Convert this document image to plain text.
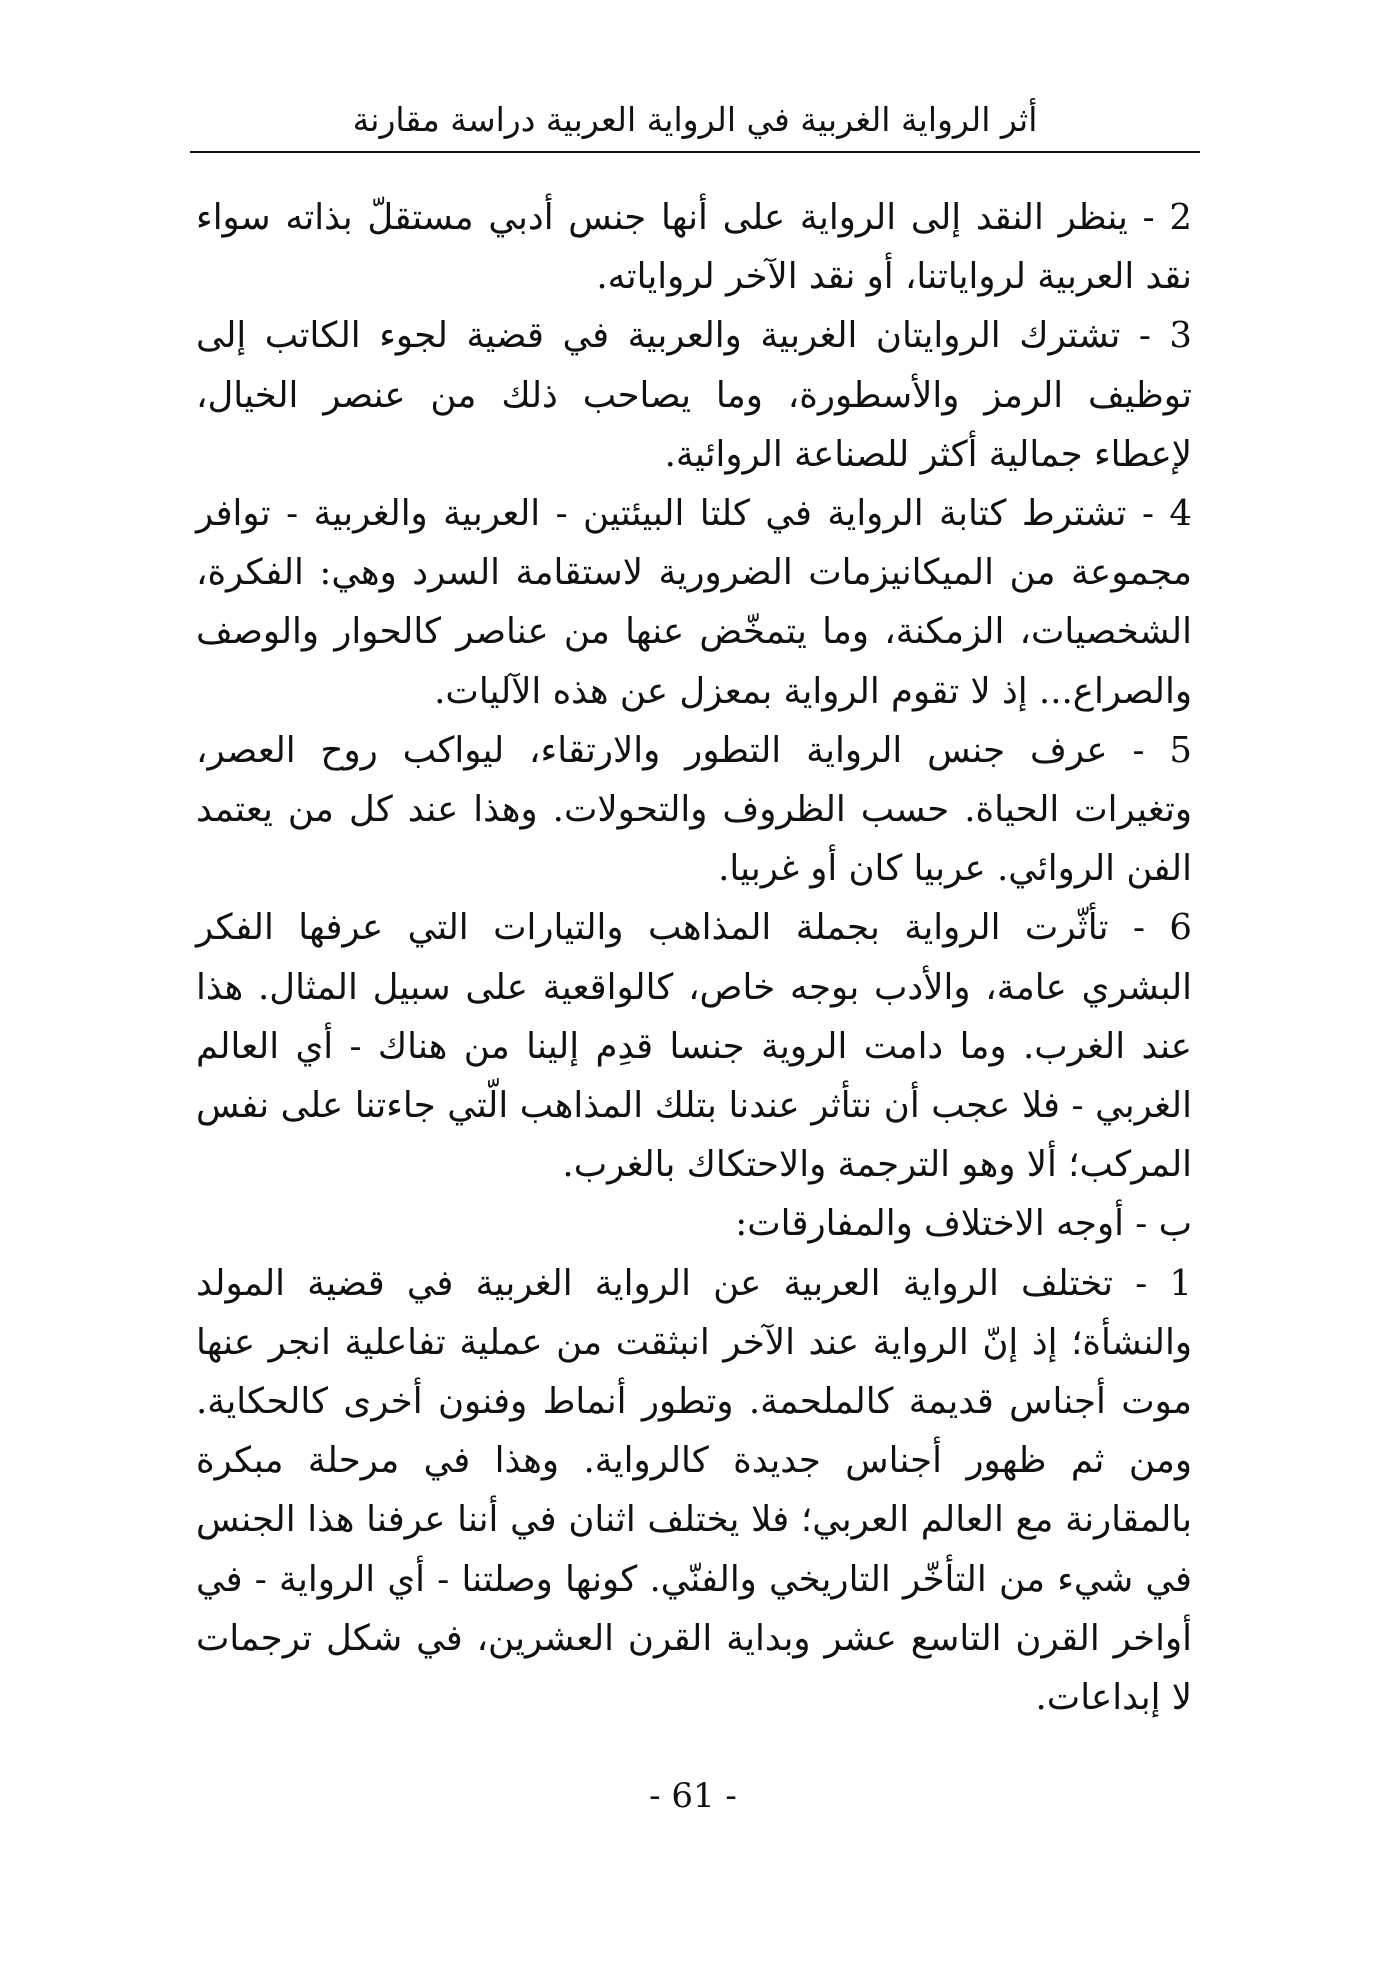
أثر الرواية الغربية في الرواية العربية دراسة مقارنة

2 - ينظر النقد إلى الرواية على أنها جنس أدبي مستقلّ بذاته سواء نقد العربية لرواياتنا، أو نقد الآخر لرواياته.

3 - تشترك الروايتان الغربية والعربية في قضية لجوء الكاتب إلى توظيف الرمز والأسطورة، وما يصاحب ذلك من عنصر الخيال، لإعطاء جمالية أكثر للصناعة الروائية.

4 - تشترط كتابة الرواية في كلتا البيئتين - العربية والغربية - توافر مجموعة من الميكانيزمات الضرورية لاستقامة السرد وهي: الفكرة، الشخصيات، الزمكنة، وما يتمخّض عنها من عناصر كالحوار والوصف والصراع... إذ لا تقوم الرواية بمعزل عن هذه الآليات.

5 - عرف جنس الرواية التطور والارتقاء، ليواكب روح العصر، وتغيرات الحياة. حسب الظروف والتحولات. وهذا عند كل من يعتمد الفن الروائي. عربيا كان أو غربيا.

6 - تأثّرت الرواية بجملة المذاهب والتيارات التي عرفها الفكر البشري عامة، والأدب بوجه خاص، كالواقعية على سبيل المثال. هذا عند الغرب. وما دامت الروية جنسا قدِم إلينا من هناك - أي العالم الغربي - فلا عجب أن نتأثر عندنا بتلك المذاهب الّتي جاءتنا على نفس المركب؛ ألا وهو الترجمة والاحتكاك بالغرب.

ب - أوجه الاختلاف والمفارقات:

1 - تختلف الرواية العربية عن الرواية الغربية في قضية المولد والنشأة؛ إذ إنّ الرواية عند الآخر انبثقت من عملية تفاعلية انجر عنها موت أجناس قديمة كالملحمة. وتطور أنماط وفنون أخرى كالحكاية. ومن ثم ظهور أجناس جديدة كالرواية. وهذا في مرحلة مبكرة بالمقارنة مع العالم العربي؛ فلا يختلف اثنان في أننا عرفنا هذا الجنس في شيء من التأخّر التاريخي والفنّي. كونها وصلتنا - أي الرواية - في أواخر القرن التاسع عشر وبداية القرن العشرين، في شكل ترجمات لا إبداعات.

- 61 -
